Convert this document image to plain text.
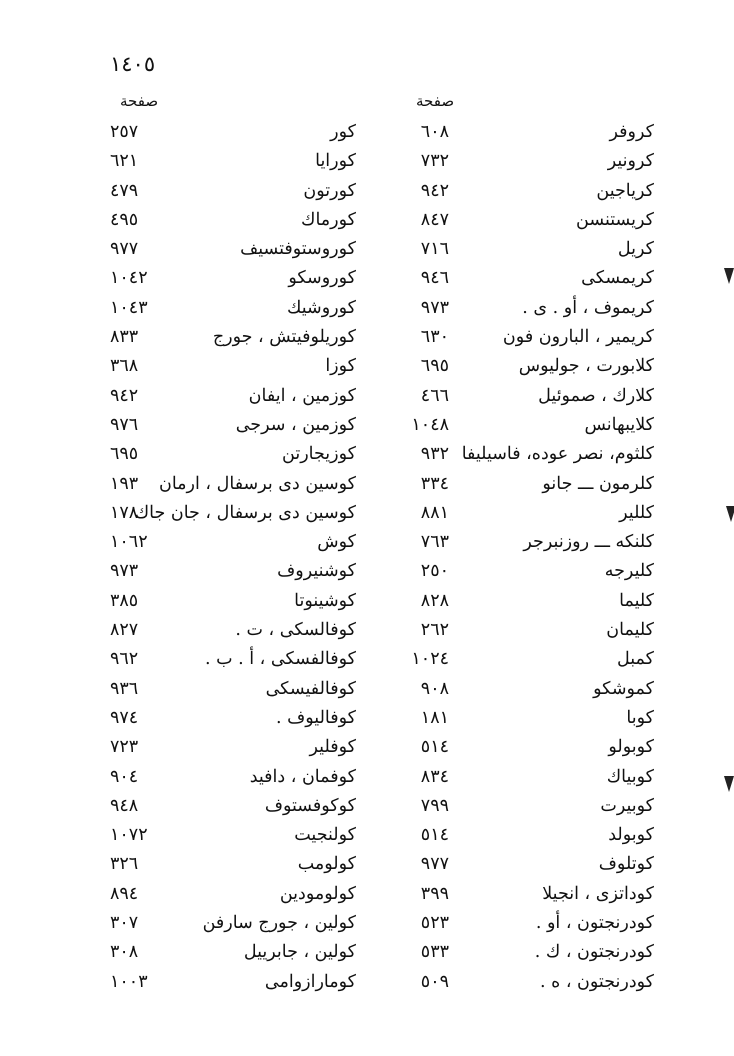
١٤٠٥
صفحة	صفحة
كروفر
٦٠٨
كور
٢٥٧
كرونير
٧٣٢
كورايا
٦٢١
كرياجين
٩٤٢
كورتون
٤٧٩
كريستنسن
٨٤٧
كورماك
٤٩٥
كريل
٧١٦
كوروستوفتسيف
٩٧٧
كريمسكى
٩٤٦
كوروسكو
١٠٤٢
كريموف ، أو . ى .
٩٧٣
كوروشيك
١٠٤٣
كريمير ، البارون فون
٦٣٠
كوريلوفيتش ، جورج
٨٣٣
كلابورت ، جوليوس
٦٩٥
كوزا
٣٦٨
كلارك ، صموئيل
٤٦٦
كوزمين ، ايفان
٩٤٢
كلايبهانس
١٠٤٨
كوزمين ، سرجى
٩٧٦
كلثوم، نصر عوده، فاسيليفا
٩٣٢
كوزيجارتن
٦٩٥
كلرمون ـــ جانو
٣٣٤
كوسين دى برسفال ، ارمان
١٩٣
كللير
٨٨١
كوسين دى برسفال ، جان جاك
١٧٨
كلنكه ـــ روزنبرجر
٧٦٣
كوش
١٠٦٢
كليرجه
٢٥٠
كوشنيروف
٩٧٣
كليما
٨٢٨
كوشينوتا
٣٨٥
كليمان
٢٦٢
كوفالسكى ، ت .
٨٢٧
كمبل
١٠٢٤
كوفالفسكى ، أ . ب .
٩٦٢
كموشكو
٩٠٨
كوفالفيسكى
٩٣٦
كوبا
١٨١
كوفاليوف .
٩٧٤
كوبولو
٥١٤
كوفلير
٧٢٣
كوبياك
٨٣٤
كوفمان ، دافيد
٩٠٤
كوبيرت
٧٩٩
كوكوفستوف
٩٤٨
كوبولد
٥١٤
كولنجيت
١٠٧٢
كوتلوف
٩٧٧
كولومب
٣٢٦
كوداتزى ، انجيلا
٣٩٩
كولومودين
٨٩٤
كودرنجتون ، أو .
٥٢٣
كولين ، جورج سارفن
٣٠٧
كودرنجتون ، ك .
٥٣٣
كولين ، جابرييل
٣٠٨
كودرنجتون ، ه .
٥٠٩
كومارازوامى
١٠٠٣
